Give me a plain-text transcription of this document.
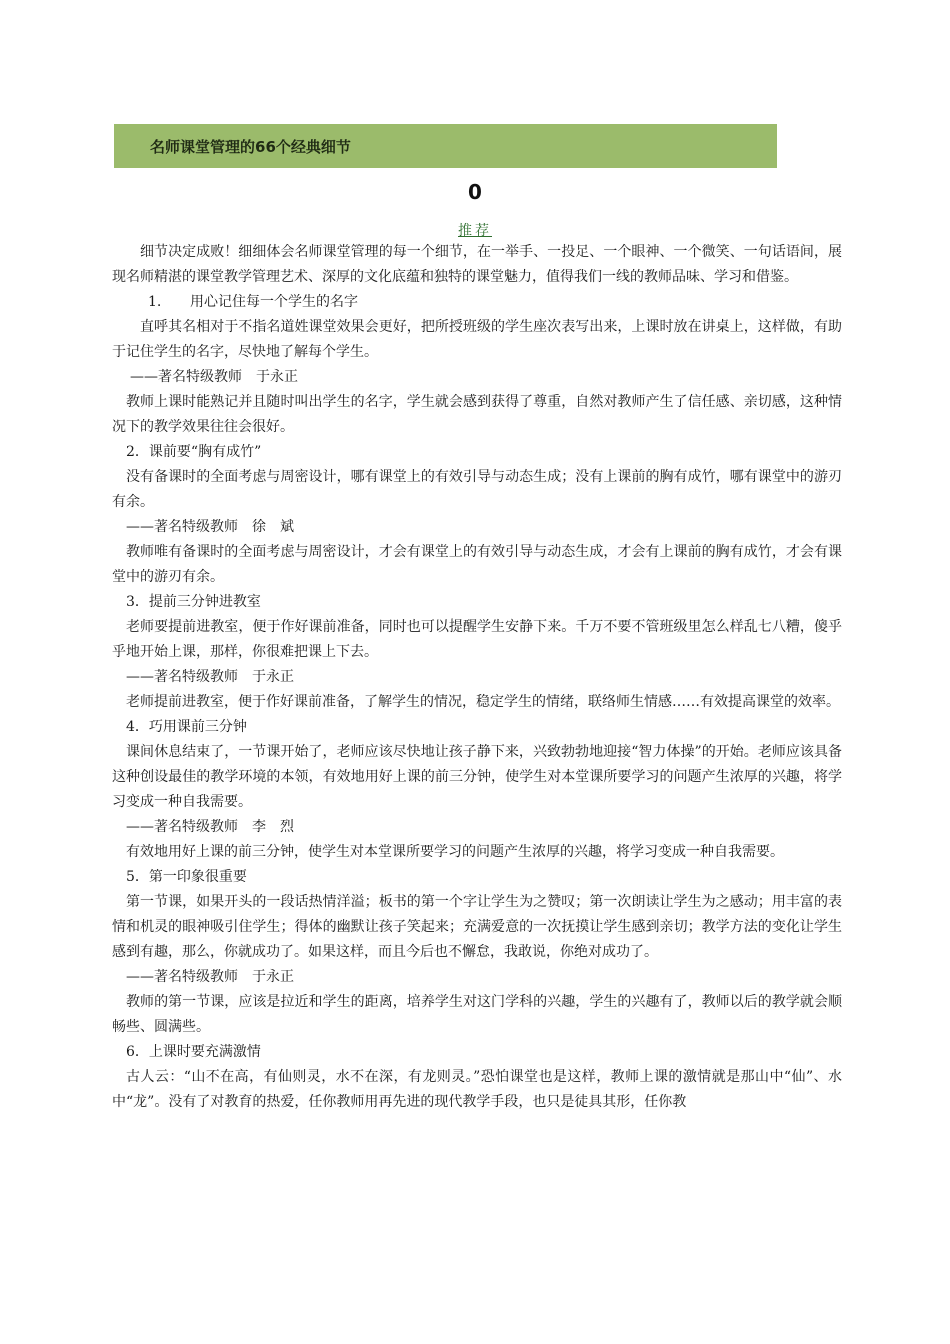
名师课堂管理的66个经典细节
0
推荐

细节决定成败！细细体会名师课堂管理的每一个细节，在一举手、一投足、一个眼神、一个微笑、一句话语间，展现名师精湛的课堂教学管理艺术、深厚的文化底蕴和独特的课堂魅力，值得我们一线的教师品味、学习和借鉴。

1. 用心记住每一个学生的名字

直呼其名相对于不指名道姓课堂效果会更好，把所授班级的学生座次表写出来，上课时放在讲桌上，这样做，有助于记住学生的名字，尽快地了解每个学生。

——著名特级教师　于永正

教师上课时能熟记并且随时叫出学生的名字，学生就会感到获得了尊重，自然对教师产生了信任感、亲切感，这种情况下的教学效果往往会很好。

2．课前要“胸有成竹”

没有备课时的全面考虑与周密设计，哪有课堂上的有效引导与动态生成；没有上课前的胸有成竹，哪有课堂中的游刃有余。

——著名特级教师　徐　斌

教师唯有备课时的全面考虑与周密设计，才会有课堂上的有效引导与动态生成，才会有上课前的胸有成竹，才会有课堂中的游刃有余。

3．提前三分钟进教室

老师要提前进教室，便于作好课前准备，同时也可以提醒学生安静下来。千万不要不管班级里怎么样乱七八糟，傻乎乎地开始上课，那样，你很难把课上下去。

——著名特级教师　于永正

老师提前进教室，便于作好课前准备，了解学生的情况，稳定学生的情绪，联络师生情感……有效提高课堂的效率。

4．巧用课前三分钟

课间休息结束了，一节课开始了，老师应该尽快地让孩子静下来，兴致勃勃地迎接“智力体操”的开始。老师应该具备这种创设最佳的教学环境的本领，有效地用好上课的前三分钟，使学生对本堂课所要学习的问题产生浓厚的兴趣，将学习变成一种自我需要。

——著名特级教师　李　烈

有效地用好上课的前三分钟，使学生对本堂课所要学习的问题产生浓厚的兴趣，将学习变成一种自我需要。

5．第一印象很重要

第一节课，如果开头的一段话热情洋溢；板书的第一个字让学生为之赞叹；第一次朗读让学生为之感动；用丰富的表情和机灵的眼神吸引住学生；得体的幽默让孩子笑起来；充满爱意的一次抚摸让学生感到亲切；教学方法的变化让学生感到有趣，那么，你就成功了。如果这样，而且今后也不懈怠，我敢说，你绝对成功了。

——著名特级教师　于永正

教师的第一节课，应该是拉近和学生的距离，培养学生对这门学科的兴趣，学生的兴趣有了，教师以后的教学就会顺畅些、圆满些。

6．上课时要充满激情

古人云：“山不在高，有仙则灵，水不在深，有龙则灵。”恐怕课堂也是这样，教师上课的激情就是那山中“仙”、水中“龙”。没有了对教育的热爱，任你教师用再先进的现代教学手段，也只是徒具其形，任你教
